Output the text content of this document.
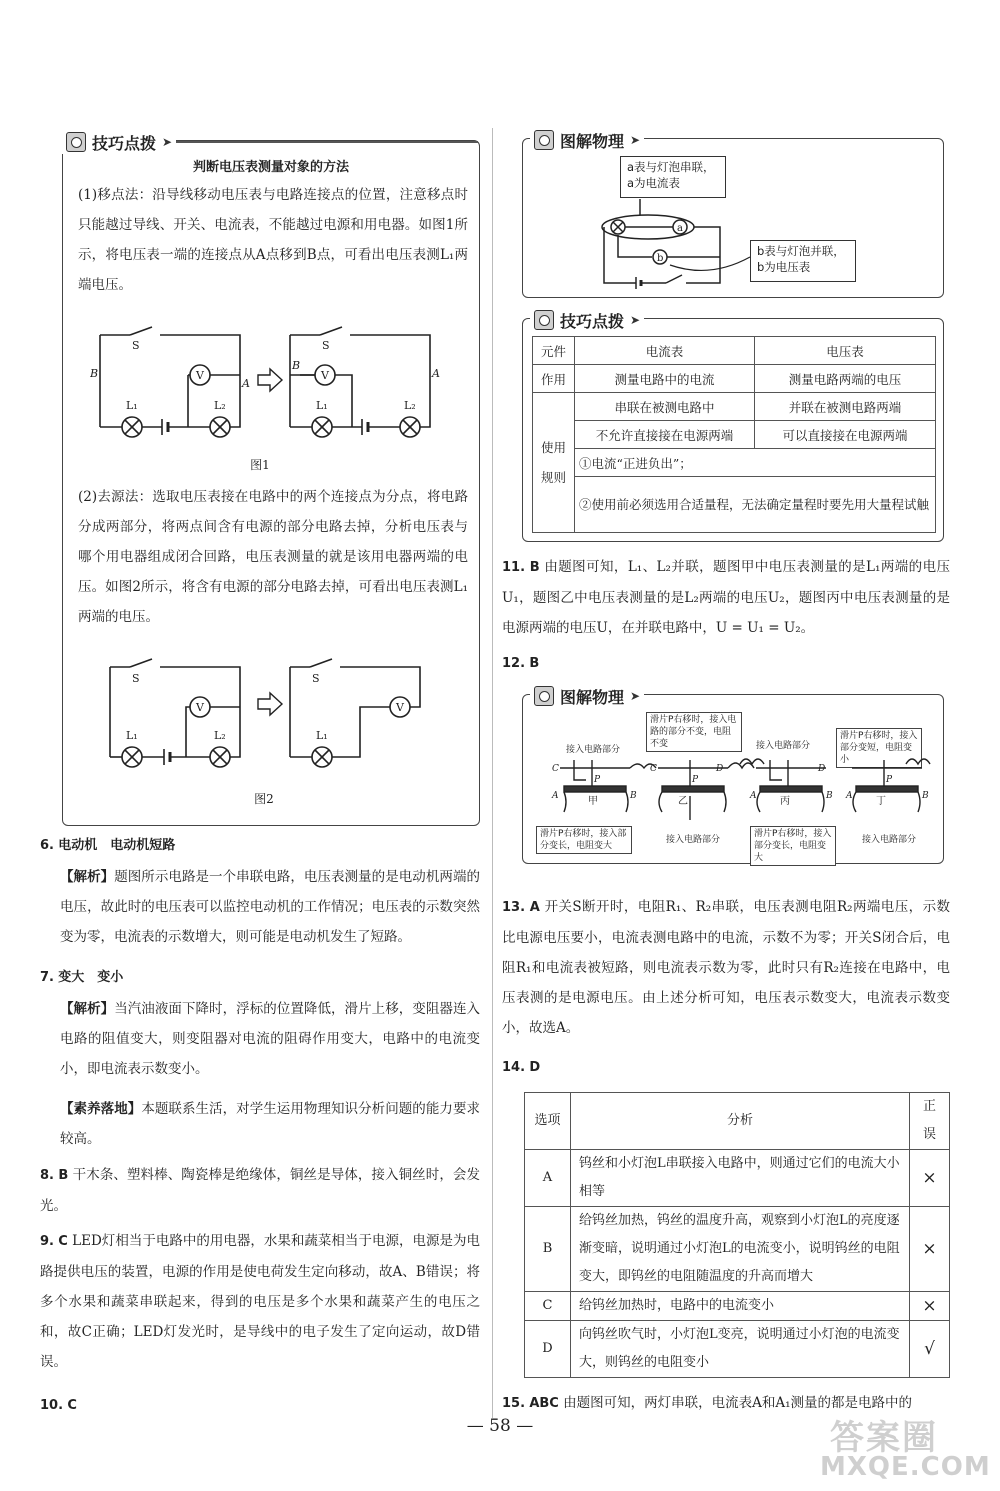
技巧点拨 ➤
判断电压表测量对象的方法
(1)移点法：沿导线移动电压表与电路连接点的位置，注意移点时只能越过导线、开关、电流表，不能越过电源和用电器。如图1所示，将电压表一端的连接点从A点移到B点，可看出电压表测L₁两端电压。
S	S
V	V
A
B	A
B
L₁	L₂	L₁	L₂
图1
(2)去源法：选取电压表接在电路中的两个连接点为分点，将电路分成两部分，将两点间含有电源的部分电路去掉，分析电压表与哪个用电器组成闭合回路，电压表测量的就是该用电器两端的电压。如图2所示，将含有电源的部分电路去掉，可看出电压表测L₁两端的电压。
S	S
V	V
L₁	L₂	L₁
图2
6. 电动机　电动机短路
【解析】题图所示电路是一个串联电路，电压表测量的是电动机两端的电压，故此时的电压表可以监控电动机的工作情况；电压表的示数突然变为零，电流表的示数增大，则可能是电动机发生了短路。
7. 变大　变小
【解析】当汽油液面下降时，浮标的位置降低，滑片上移，变阻器连入电路的阻值变大，则变阻器对电流的阻碍作用变大，电路中的电流变小，即电流表示数变小。
【素养落地】本题联系生活，对学生运用物理知识分析问题的能力要求较高。
8. B 干木条、塑料棒、陶瓷棒是绝缘体，铜丝是导体，接入铜丝时，会发光。
9. C LED灯相当于电路中的用电器，水果和蔬菜相当于电源，电源是为电路提供电压的装置，电源的作用是使电荷发生定向移动，故A、B错误；将多个水果和蔬菜串联起来，得到的电压是多个水果和蔬菜产生的电压之和，故C正确；LED灯发光时，是导线中的电子发生了定向运动，故D错误。
10. C
图解物理 ➤
a表与灯泡串联，a为电流表
b表与灯泡并联，b为电压表
a
b
技巧点拨 ➤
元件	电流表	电压表
作用	测量电路中的电流	测量电路两端的电压
使用规则	串联在被测电路中	并联在被测电路两端
	不允许直接接在电源两端	可以直接接在电源两端
	①电流“正进负出”；	
	②使用前必须选用合适量程，无法确定量程时要先用大量程试触	
11. B 由题图可知，L₁、L₂并联，题图甲中电压表测量的是L₁两端的电压U₁，题图乙中电压表测量的是L₂两端的电压U₂，题图丙中电压表测量的是电源两端的电压U，在并联电路中，U = U₁ = U₂。
12. B
图解物理 ➤
滑片P右移时，接入电路的部分不变，电阻不变
滑片P右移时，接入部分变短，电阻变小
接入电路部分	接入电路部分
滑片P右移时，接入部分变长，电阻变大
接入电路部分
滑片P右移时，接入部分变长，电阻变大
接入电路部分
C
A	B
P
C	D
P
D
A	B A	B
P
甲	乙	丙	丁
13. A 开关S断开时，电阻R₁、R₂串联，电压表测电阻R₂两端电压，示数比电源电压要小，电流表测电路中的电流，示数不为零；开关S闭合后，电阻R₁和电流表被短路，则电流表示数为零，此时只有R₂连接在电路中，电压表测的是电源电压。由上述分析可知，电压表示数变大，电流表示数变小，故选A。
14. D
选项	分析	正误
A	钨丝和小灯泡L串联接入电路中，则通过它们的电流大小相等	×
B	给钨丝加热，钨丝的温度升高，观察到小灯泡L的亮度逐渐变暗，说明通过小灯泡L的电流变小，说明钨丝的电阻变大，即钨丝的电阻随温度的升高而增大	×
C	给钨丝加热时，电路中的电流变小	×
D	向钨丝吹气时，小灯泡L变亮，说明通过小灯泡的电流变大，则钨丝的电阻变小	√
15. ABC 由题图可知，两灯串联，电流表A和A₁测量的都是电路中的
— 58 —	答案圈
MXQE.COM
